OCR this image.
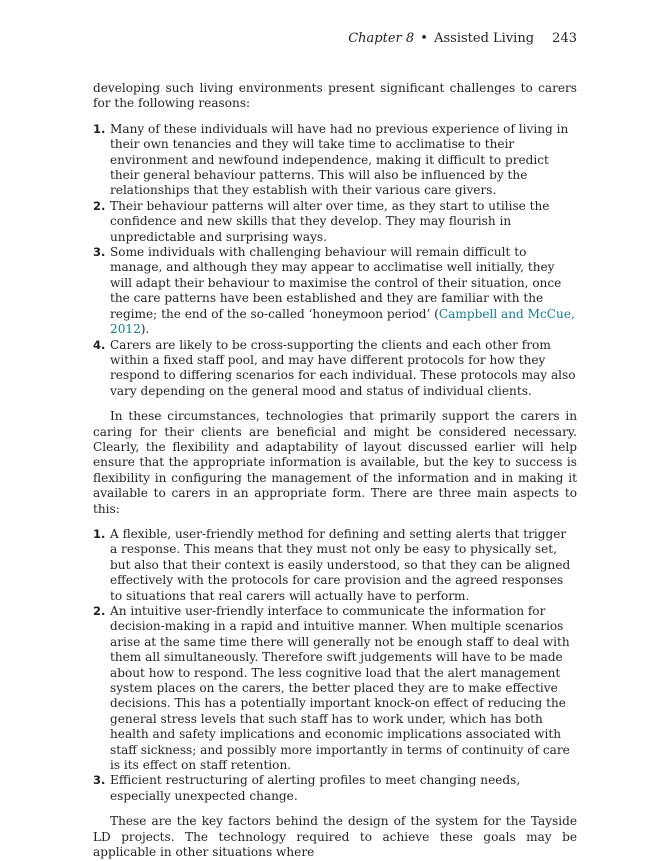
Chapter 8 • Assisted Living 243

developing such living environments present significant challenges to carers for the following reasons:

1. Many of these individuals will have had no previous experience of living in their own tenancies and they will take time to acclimatise to their environment and newfound independence, making it difficult to predict their general behaviour patterns. This will also be influenced by the relationships that they establish with their various care givers.
2. Their behaviour patterns will alter over time, as they start to utilise the confidence and new skills that they develop. They may flourish in unpredictable and surprising ways.
3. Some individuals with challenging behaviour will remain difficult to manage, and although they may appear to acclimatise well initially, they will adapt their behaviour to maximise the control of their situation, once the care patterns have been established and they are familiar with the regime; the end of the so-called ‘honeymoon period’ (Campbell and McCue, 2012).
4. Carers are likely to be cross-supporting the clients and each other from within a fixed staff pool, and may have different protocols for how they respond to differing scenarios for each individual. These protocols may also vary depending on the general mood and status of individual clients.

In these circumstances, technologies that primarily support the carers in caring for their clients are beneficial and might be considered necessary. Clearly, the flexibility and adaptability of layout discussed earlier will help ensure that the appropriate information is available, but the key to success is flexibility in configuring the management of the information and in making it available to carers in an appropriate form. There are three main aspects to this:

1. A flexible, user-friendly method for defining and setting alerts that trigger a response. This means that they must not only be easy to physically set, but also that their context is easily understood, so that they can be aligned effectively with the protocols for care provision and the agreed responses to situations that real carers will actually have to perform.
2. An intuitive user-friendly interface to communicate the information for decision-making in a rapid and intuitive manner. When multiple scenarios arise at the same time there will generally not be enough staff to deal with them all simultaneously. Therefore swift judgements will have to be made about how to respond. The less cognitive load that the alert management system places on the carers, the better placed they are to make effective decisions. This has a potentially important knock-on effect of reducing the general stress levels that such staff has to work under, which has both health and safety implications and economic implications associated with staff sickness; and possibly more importantly in terms of continuity of care is its effect on staff retention.
3. Efficient restructuring of alerting profiles to meet changing needs, especially unexpected change.

These are the key factors behind the design of the system for the Tayside LD projects. The technology required to achieve these goals may be applicable in other situations where
